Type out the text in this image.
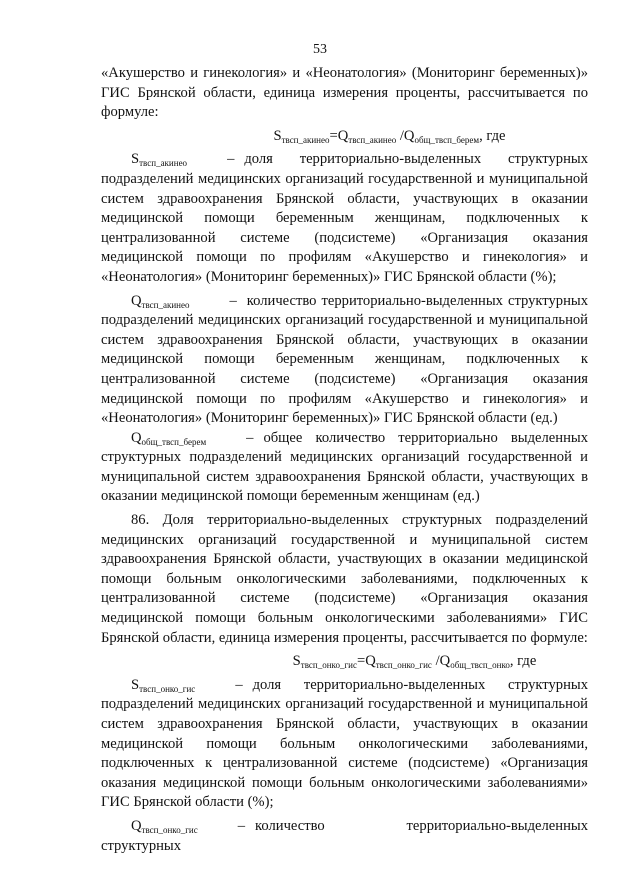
53

«Акушерство и гинекология» и «Неонатология» (Мониторинг беременных)» ГИС Брянской области, единица измерения проценты, рассчитывается по формуле:

$S_{твсп\_акинео}=Q_{твсп\_акинео}$ $/Q_{общ\_твсп\_берем}$, где

$S_{твсп\_акинео}$	– доля территориально-выделенных структурных подразделений медицинских организаций государственной и муниципальной систем здравоохранения Брянской области, участвующих в оказании медицинской помощи беременным женщинам, подключенных к централизованной системе (подсистеме) «Организация оказания медицинской помощи по профилям «Акушерство и гинекология» и «Неонатология» (Мониторинг беременных)» ГИС Брянской области (%);

$Q_{твсп\_акинео}$	– количество территориально-выделенных структурных подразделений медицинских организаций государственной и муниципальной систем здравоохранения Брянской области, участвующих в оказании медицинской помощи беременным женщинам, подключенных к централизованной системе (подсистеме) «Организация оказания медицинской помощи по профилям «Акушерство и гинекология» и «Неонатология» (Мониторинг беременных)» ГИС Брянской области (ед.)

$Q_{общ\_твсп\_берем}$	– общее количество территориально выделенных структурных подразделений медицинских организаций государственной и муниципальной систем здравоохранения Брянской области, участвующих в оказании медицинской помощи беременным женщинам (ед.)

86. Доля территориально-выделенных структурных подразделений медицинских организаций государственной и муниципальной систем здравоохранения Брянской области, участвующих в оказании медицинской помощи больным онкологическими заболеваниями, подключенных к централизованной системе (подсистеме) «Организация оказания медицинской помощи больным онкологическими заболеваниями» ГИС Брянской области, единица измерения проценты, рассчитывается по формуле:

$S_{твсп\_онко\_гис}=Q_{твсп\_онко\_гис}$ $/Q_{общ\_твсп\_онко}$, где

$S_{твсп\_онко\_гис}$	– доля территориально-выделенных структурных подразделений медицинских организаций государственной и муниципальной систем здравоохранения Брянской области, участвующих в оказании медицинской помощи больным онкологическими заболеваниями, подключенных к централизованной системе (подсистеме) «Организация оказания медицинской помощи больным онкологическими заболеваниями» ГИС Брянской области (%);

$Q_{твсп\_онко\_гис}$	– количество территориально-выделенных структурных
